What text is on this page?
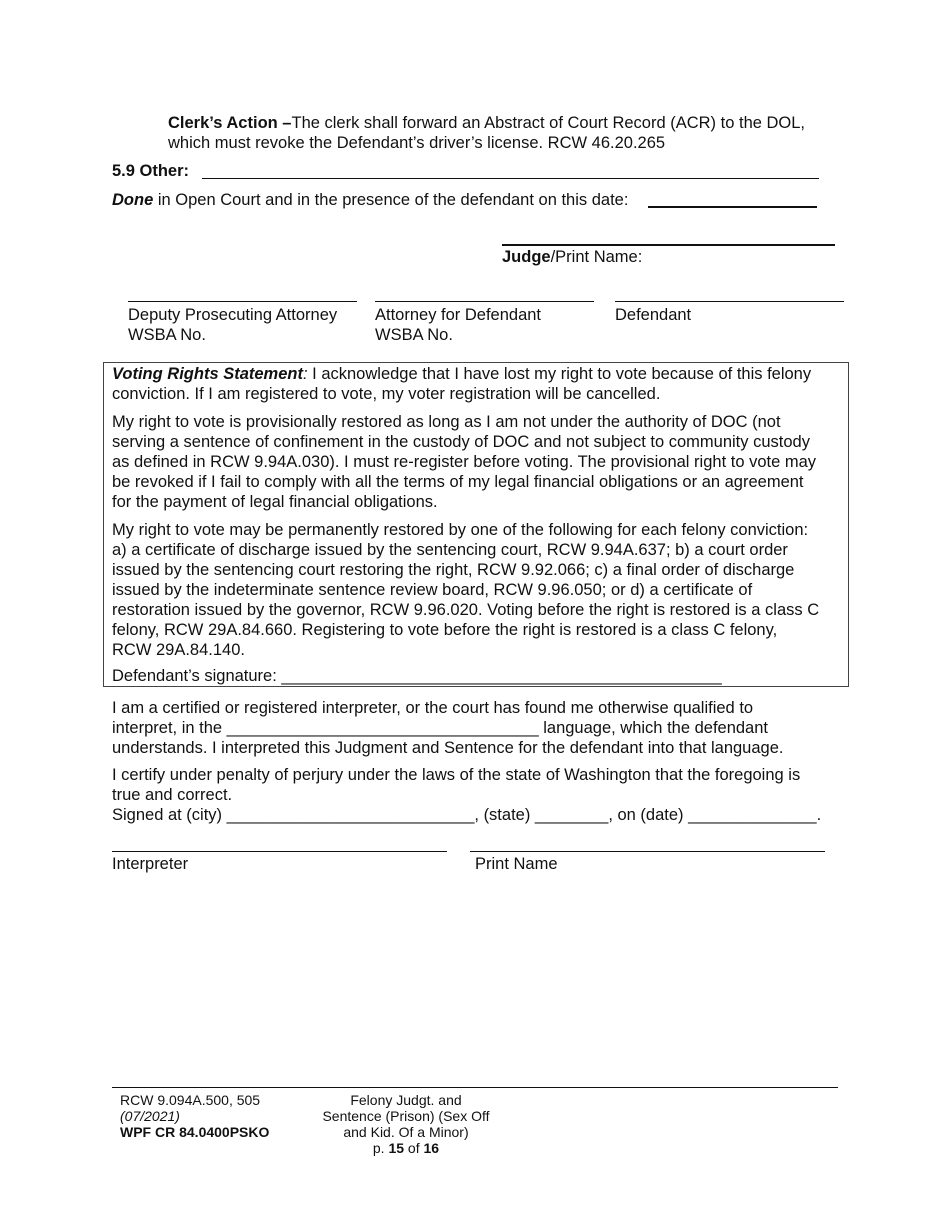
Clerk’s Action –The clerk shall forward an Abstract of Court Record (ACR) to the DOL,
which must revoke the Defendant’s driver’s license. RCW 46.20.265
5.9 Other:
Done in Open Court and in the presence of the defendant on this date:
Judge/Print Name:
Deputy Prosecuting Attorney
WSBA No.
Attorney for Defendant
WSBA No.
Defendant
Voting Rights Statement: I acknowledge that I have lost my right to vote because of this felony
conviction. If I am registered to vote, my voter registration will be cancelled.
My right to vote is provisionally restored as long as I am not under the authority of DOC (not
serving a sentence of confinement in the custody of DOC and not subject to community custody
as defined in RCW 9.94A.030). I must re-register before voting. The provisional right to vote may
be revoked if I fail to comply with all the terms of my legal financial obligations or an agreement
for the payment of legal financial obligations.
My right to vote may be permanently restored by one of the following for each felony conviction:
a) a certificate of discharge issued by the sentencing court, RCW 9.94A.637; b) a court order
issued by the sentencing court restoring the right, RCW 9.92.066; c) a final order of discharge
issued by the indeterminate sentence review board, RCW 9.96.050; or d) a certificate of
restoration issued by the governor, RCW 9.96.020. Voting before the right is restored is a class C
felony, RCW 29A.84.660. Registering to vote before the right is restored is a class C felony,
RCW 29A.84.140.
Defendant’s signature: ________________________________________________
I am a certified or registered interpreter, or the court has found me otherwise qualified to
interpret, in the __________________________________ language, which the defendant
understands. I interpreted this Judgment and Sentence for the defendant into that language.
I certify under penalty of perjury under the laws of the state of Washington that the foregoing is
true and correct.
Signed at (city) ___________________________, (state) ________, on (date) ______________.
Interpreter	Print Name
RCW 9.094A.500, 505
(07/2021)
WPF CR 84.0400PSKO
Felony Judgt. and
Sentence (Prison) (Sex Off
and Kid. Of a Minor)
p. 15 of 16
